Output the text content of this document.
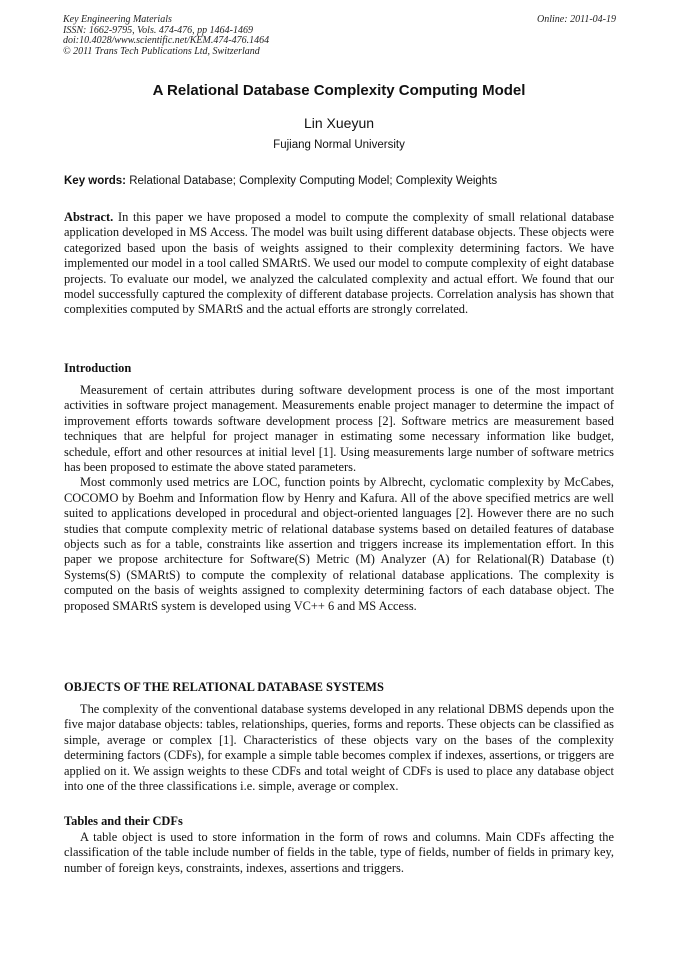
Key Engineering Materials
ISSN: 1662-9795, Vols. 474-476, pp 1464-1469
doi:10.4028/www.scientific.net/KEM.474-476.1464
© 2011 Trans Tech Publications Ltd, Switzerland
Online: 2011-04-19
A Relational Database Complexity Computing Model
Lin Xueyun
Fujiang Normal University
Key words: Relational Database; Complexity Computing Model; Complexity Weights

Abstract. In this paper we have proposed a model to compute the complexity of small relational database application developed in MS Access. The model was built using different database objects. These objects were categorized based upon the basis of weights assigned to their complexity determining factors. We have implemented our model in a tool called SMARtS. We used our model to compute complexity of eight database projects. To evaluate our model, we analyzed the calculated complexity and actual effort. We found that our model successfully captured the complexity of different database projects. Correlation analysis has shown that complexities computed by SMARtS and the actual efforts are strongly correlated.

Introduction

Measurement of certain attributes during software development process is one of the most important activities in software project management. Measurements enable project manager to determine the impact of improvement efforts towards software development process [2]. Software metrics are measurement based techniques that are helpful for project manager in estimating some necessary information like budget, schedule, effort and other resources at initial level [1]. Using measurements large number of software metrics has been proposed to estimate the above stated parameters.

Most commonly used metrics are LOC, function points by Albrecht, cyclomatic complexity by McCabes, COCOMO by Boehm and Information flow by Henry and Kafura. All of the above specified metrics are well suited to applications developed in procedural and object-oriented languages [2]. However there are no such studies that compute complexity metric of relational database systems based on detailed features of database objects such as for a table, constraints like assertion and triggers increase its implementation effort. In this paper we propose architecture for Software(S) Metric (M) Analyzer (A) for Relational(R) Database (t) Systems(S) (SMARtS) to compute the complexity of relational database applications. The complexity is computed on the basis of weights assigned to complexity determining factors of each database object. The proposed SMARtS system is developed using VC++ 6 and MS Access.

OBJECTS OF THE RELATIONAL DATABASE SYSTEMS

The complexity of the conventional database systems developed in any relational DBMS depends upon the five major database objects: tables, relationships, queries, forms and reports. These objects can be classified as simple, average or complex [1]. Characteristics of these objects vary on the bases of the complexity determining factors (CDFs), for example a simple table becomes complex if indexes, assertions, or triggers are applied on it. We assign weights to these CDFs and total weight of CDFs is used to place any database object into one of the three classifications i.e. simple, average or complex.

Tables and their CDFs

A table object is used to store information in the form of rows and columns. Main CDFs affecting the classification of the table include number of fields in the table, type of fields, number of fields in primary key, number of foreign keys, constraints, indexes, assertions and triggers.
